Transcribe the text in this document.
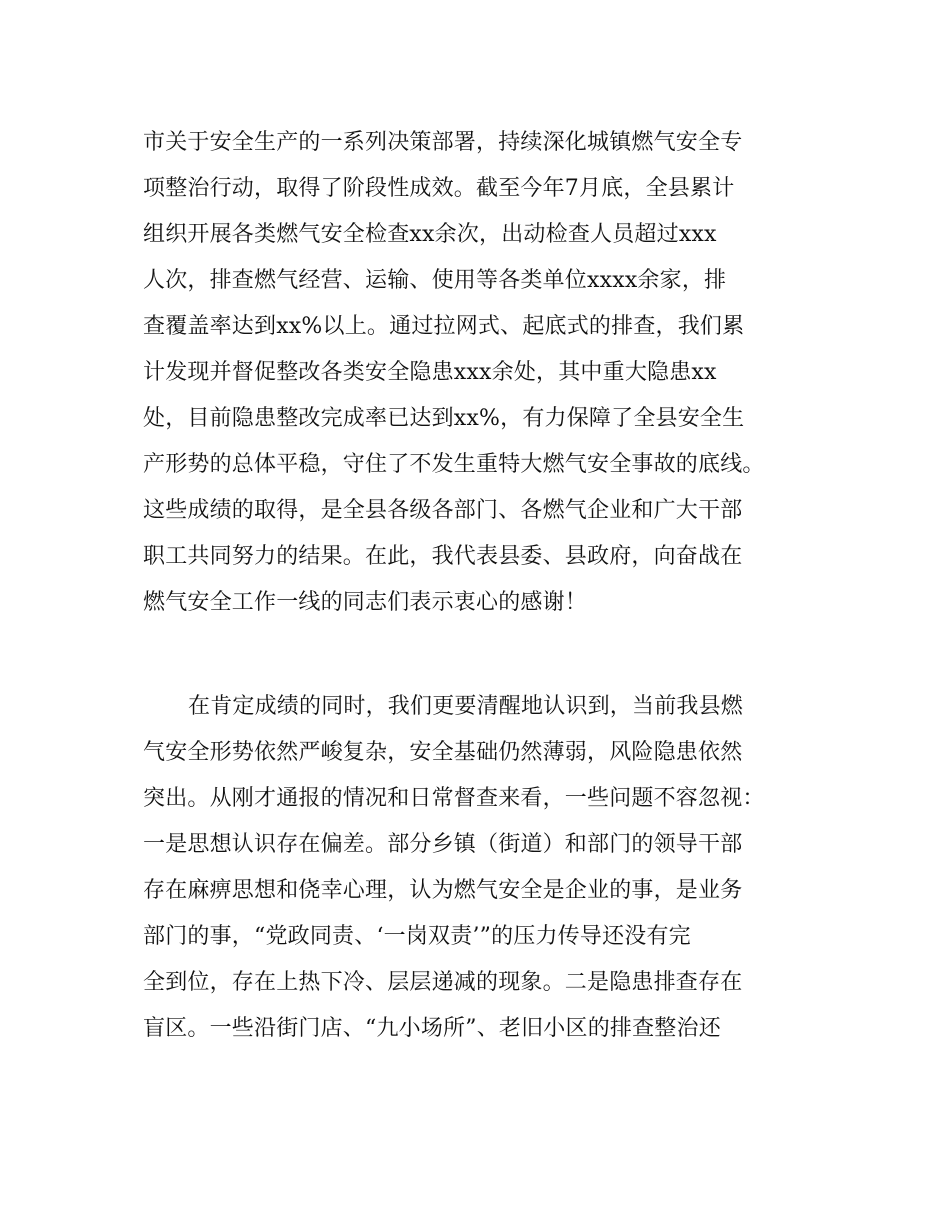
市关于安全生产的一系列决策部署，持续深化城镇燃气安全专
项整治行动，取得了阶段性成效。截至今年7月底，全县累计
组织开展各类燃气安全检查xx余次，出动检查人员超过xxx
人次，排查燃气经营、运输、使用等各类单位xxxx余家，排
查覆盖率达到xx%以上。通过拉网式、起底式的排查，我们累
计发现并督促整改各类安全隐患xxx余处，其中重大隐患xx
处，目前隐患整改完成率已达到xx%，有力保障了全县安全生
产形势的总体平稳，守住了不发生重特大燃气安全事故的底线。
这些成绩的取得，是全县各级各部门、各燃气企业和广大干部
职工共同努力的结果。在此，我代表县委、县政府，向奋战在
燃气安全工作一线的同志们表示衷心的感谢！
在肯定成绩的同时，我们更要清醒地认识到，当前我县燃
气安全形势依然严峻复杂，安全基础仍然薄弱，风险隐患依然
突出。从刚才通报的情况和日常督查来看，一些问题不容忽视：
一是思想认识存在偏差。部分乡镇（街道）和部门的领导干部
存在麻痹思想和侥幸心理，认为燃气安全是企业的事，是业务
部门的事，“党政同责、‘一岗双责’”的压力传导还没有完
全到位，存在上热下冷、层层递减的现象。二是隐患排查存在
盲区。一些沿街门店、“九小场所”、老旧小区的排查整治还
